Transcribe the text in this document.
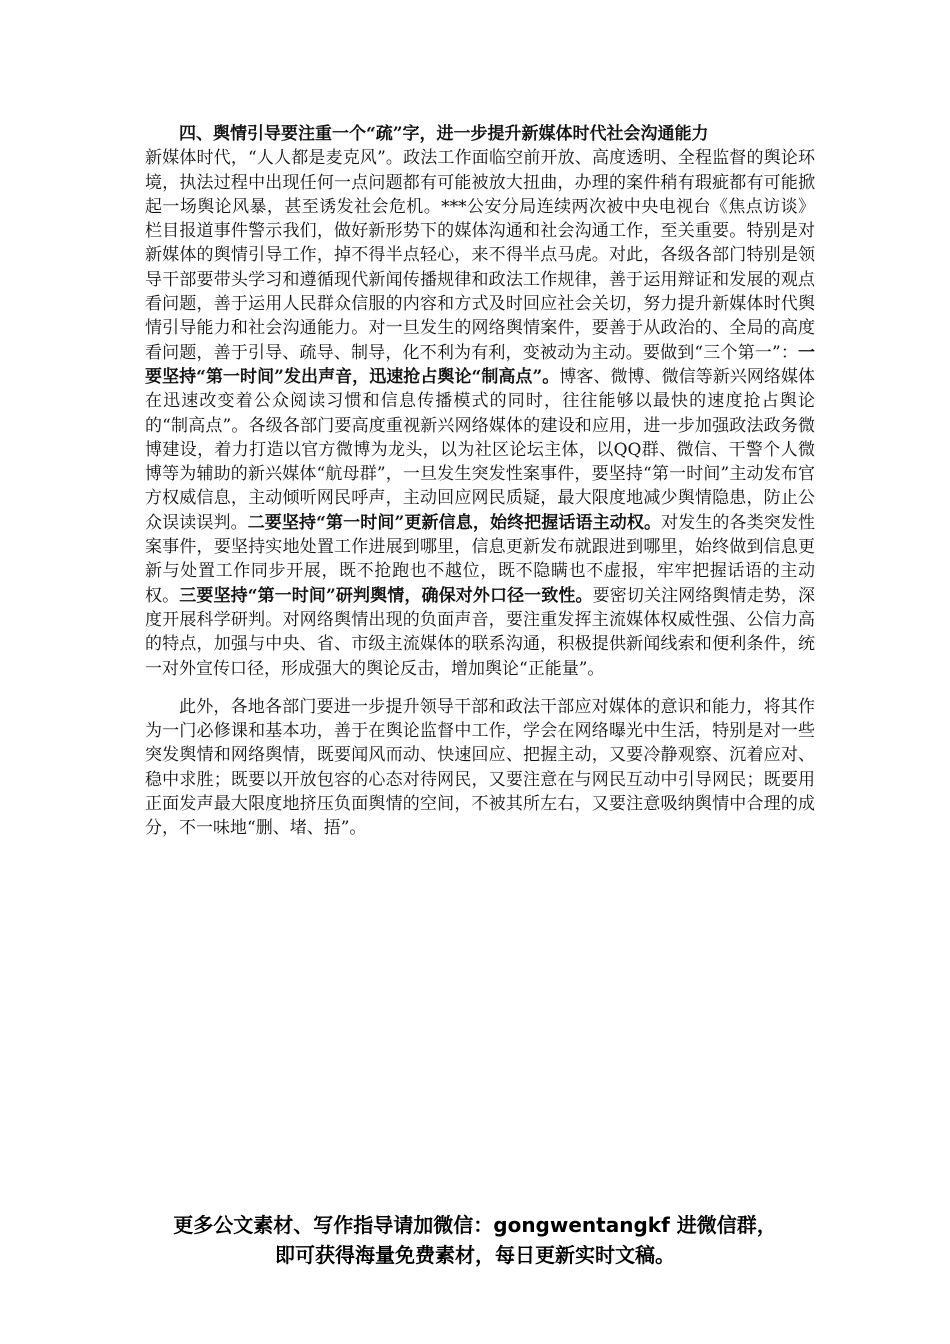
四、舆情引导要注重一个“疏”字，进一步提升新媒体时代社会沟通能力

新媒体时代，“人人都是麦克风”。政法工作面临空前开放、高度透明、全程监督的舆论环境，执法过程中出现任何一点问题都有可能被放大扭曲，办理的案件稍有瑕疵都有可能掀起一场舆论风暴，甚至诱发社会危机。***公安分局连续两次被中央电视台《焦点访谈》栏目报道事件警示我们，做好新形势下的媒体沟通和社会沟通工作，至关重要。特别是对新媒体的舆情引导工作，掉不得半点轻心，来不得半点马虎。对此，各级各部门特别是领导干部要带头学习和遵循现代新闻传播规律和政法工作规律，善于运用辩证和发展的观点看问题，善于运用人民群众信服的内容和方式及时回应社会关切，努力提升新媒体时代舆情引导能力和社会沟通能力。对一旦发生的网络舆情案件，要善于从政治的、全局的高度看问题，善于引导、疏导、制导，化不利为有利，变被动为主动。要做到“三个第一”：一要坚持“第一时间”发出声音，迅速抢占舆论“制高点”。博客、微博、微信等新兴网络媒体在迅速改变着公众阅读习惯和信息传播模式的同时，往往能够以最快的速度抢占舆论的“制高点”。各级各部门要高度重视新兴网络媒体的建设和应用，进一步加强政法政务微博建设，着力打造以官方微博为龙头，以为社区论坛主体，以QQ群、微信、干警个人微博等为辅助的新兴媒体“航母群”，一旦发生突发性案事件，要坚持“第一时间”主动发布官方权威信息，主动倾听网民呼声，主动回应网民质疑，最大限度地减少舆情隐患，防止公众误读误判。二要坚持“第一时间”更新信息，始终把握话语主动权。对发生的各类突发性案事件，要坚持实地处置工作进展到哪里，信息更新发布就跟进到哪里，始终做到信息更新与处置工作同步开展，既不抢跑也不越位，既不隐瞒也不虚报，牢牢把握话语的主动权。三要坚持“第一时间”研判舆情，确保对外口径一致性。要密切关注网络舆情走势，深度开展科学研判。对网络舆情出现的负面声音，要注重发挥主流媒体权威性强、公信力高的特点，加强与中央、省、市级主流媒体的联系沟通，积极提供新闻线索和便利条件，统一对外宣传口径，形成强大的舆论反击，增加舆论“正能量”。

此外，各地各部门要进一步提升领导干部和政法干部应对媒体的意识和能力，将其作为一门必修课和基本功，善于在舆论监督中工作，学会在网络曝光中生活，特别是对一些突发舆情和网络舆情，既要闻风而动、快速回应、把握主动，又要冷静观察、沉着应对、稳中求胜；既要以开放包容的心态对待网民，又要注意在与网民互动中引导网民；既要用正面发声最大限度地挤压负面舆情的空间，不被其所左右，又要注意吸纳舆情中合理的成分，不一味地“删、堵、捂”。

更多公文素材、写作指导请加微信：gongwentangkf 进微信群，
即可获得海量免费素材，每日更新实时文稿。
